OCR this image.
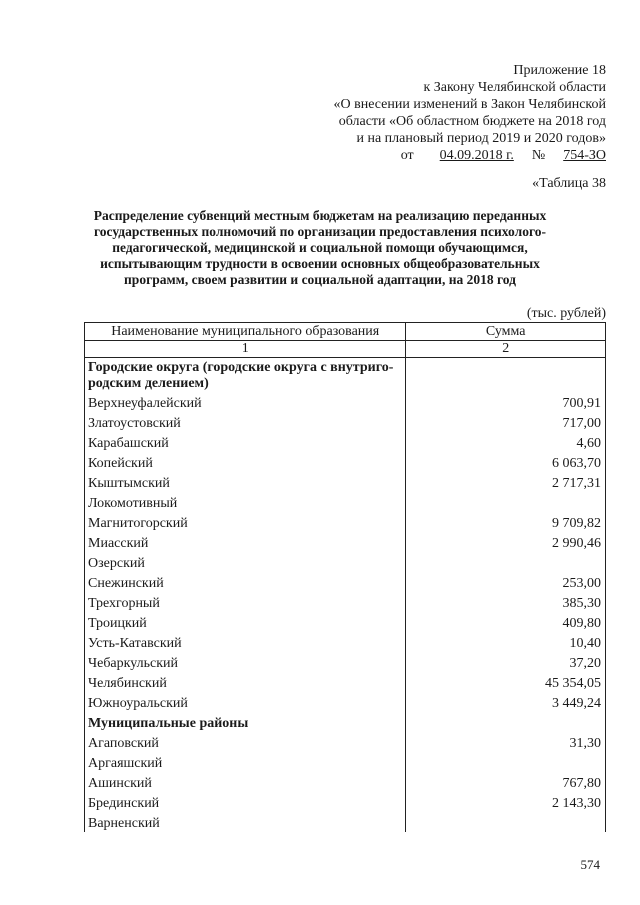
Приложение 18
к Закону Челябинской области
«О внесении изменений в Закон Челябинской
области «Об областном бюджете на 2018 год
и на плановый период 2019 и 2020 годов»
от 04.09.2018 г. № 754-ЗО
«Таблица 38
Распределение субвенций местным бюджетам на реализацию переданных
государственных полномочий по организации предоставления психолого-
педагогической, медицинской и социальной помощи обучающимся,
испытывающим трудности в освоении основных общеобразовательных
программ, своем развитии и социальной адаптации, на 2018 год
(тыс. рублей)
Наименование муниципального образования	Сумма
1	2
Городские округа (городские округа с внутриго-
родским делением)	
Верхнеуфалейский	700,91
Златоустовский	717,00
Карабашский	4,60
Копейский	6 063,70
Кыштымский	2 717,31
Локомотивный	
Магнитогорский	9 709,82
Миасский	2 990,46
Озерский	
Снежинский	253,00
Трехгорный	385,30
Троицкий	409,80
Усть-Катавский	10,40
Чебаркульский	37,20
Челябинский	45 354,05
Южноуральский	3 449,24
Муниципальные районы	
Агаповский	31,30
Аргаяшский	
Ашинский	767,80
Брединский	2 143,30
Варненский	
574
